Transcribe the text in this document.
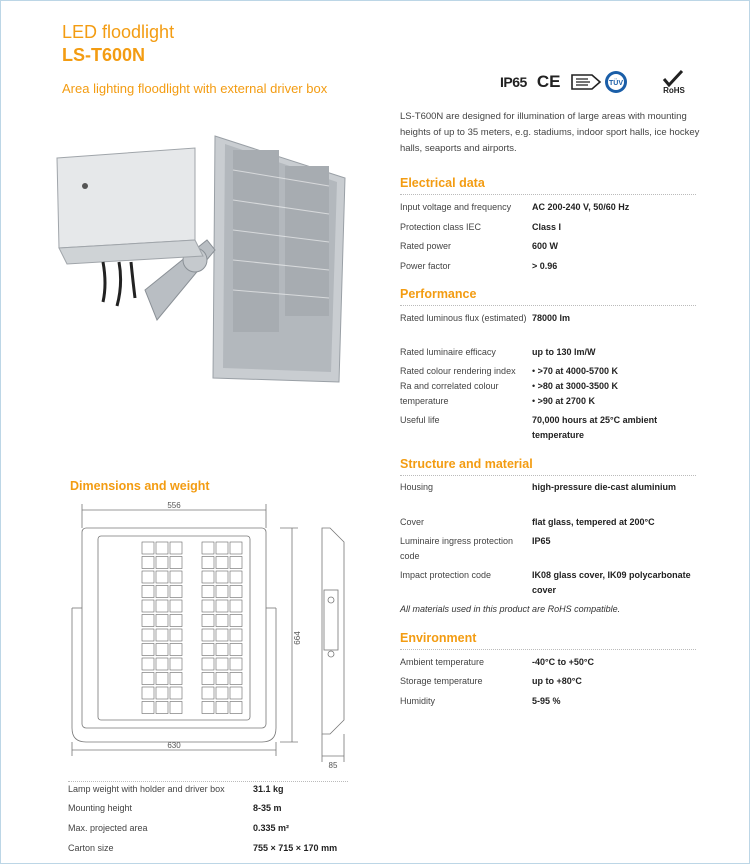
LED floodlight
LS-T600N
Area lighting floodlight with external driver box	IP65 CE	TÜV
RoHS
LS-T600N are designed for illumination of large areas with mounting heights of up to 35 meters, e.g. stadiums, indoor sport halls, ice hockey halls, seaports and airports.
Electrical data
Input voltage and frequency	AC 200-240 V, 50/60 Hz
Protection class IEC	Class I
Rated power	600 W
Power factor	> 0.96
Performance
Rated luminous flux (estimated) 78000 lm
Rated luminaire efficacy	up to 130 lm/W
Rated colour rendering index Ra and correlated colour temperature
• >70 at 4000-5700 K
• >80 at 3000-3500 K
• >90 at 2700 K
Useful life	70,000 hours at 25°C ambient temperature
Structure and material
Housing	high-pressure die-cast aluminium
Cover	flat glass, tempered at 200°C
Luminaire ingress protection code
IP65
Impact protection code	IK08 glass cover, IK09 polycarbonate cover
All materials used in this product are RoHS compatible.
Environment
Ambient temperature	-40°C to +50°C
Storage temperature	up to +80°C
Humidity	5-95 %
Dimensions and weight
556
630
664
85
Lamp weight with holder and driver box	31.1 kg
Mounting height	8-35 m
Max. projected area	0.335 m²
Carton size	755 × 715 × 170 mm
